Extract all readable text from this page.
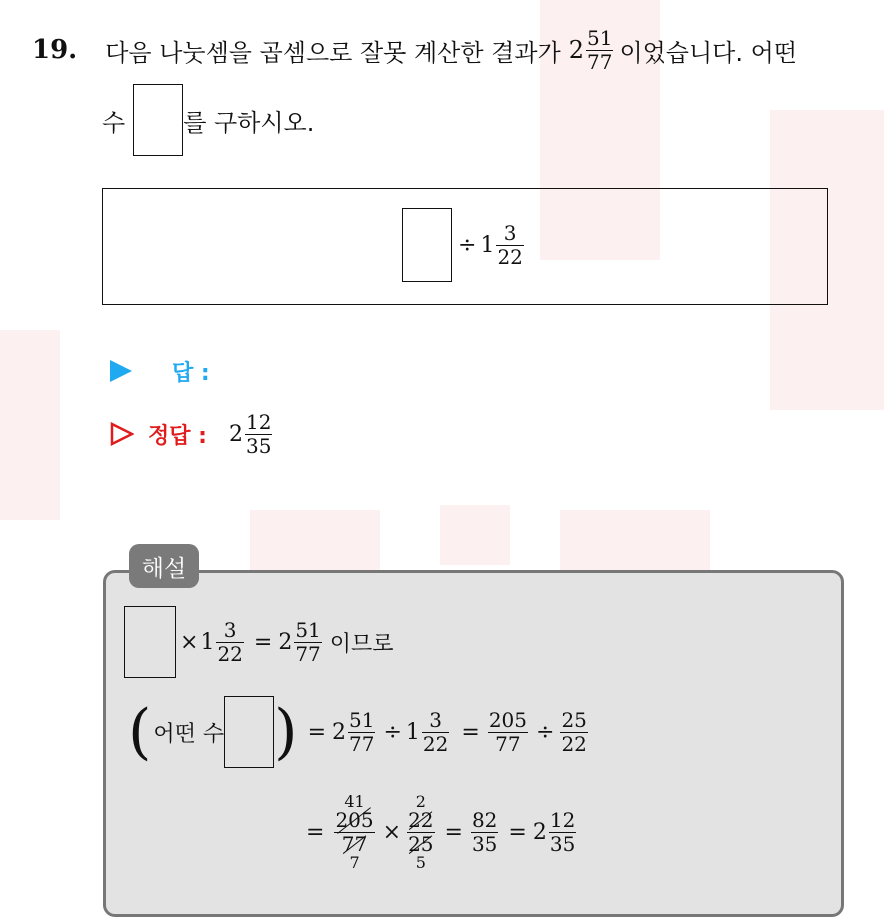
19. 다음 나눗셈을 곱셈으로 잘못 계산한 결과가 $2 \frac{51}{77}$ 이었습니다. 어떤
수 를 구하시오.
÷ $1 \frac{3}{22}$
답 :
정답 : $2 \frac{12}{35}$
해설
× $1 \frac{3}{22} = 2 \frac{51}{77}$ 이므로
( 어떤 수 ) = $2 \frac{51}{77} \div 1 \frac{3}{22} = \frac{205}{77} \div \frac{25}{22}$
=
41
205
77
7
×
2
22
25
5
= $\frac{82}{35} = 2 \frac{12}{35}$
